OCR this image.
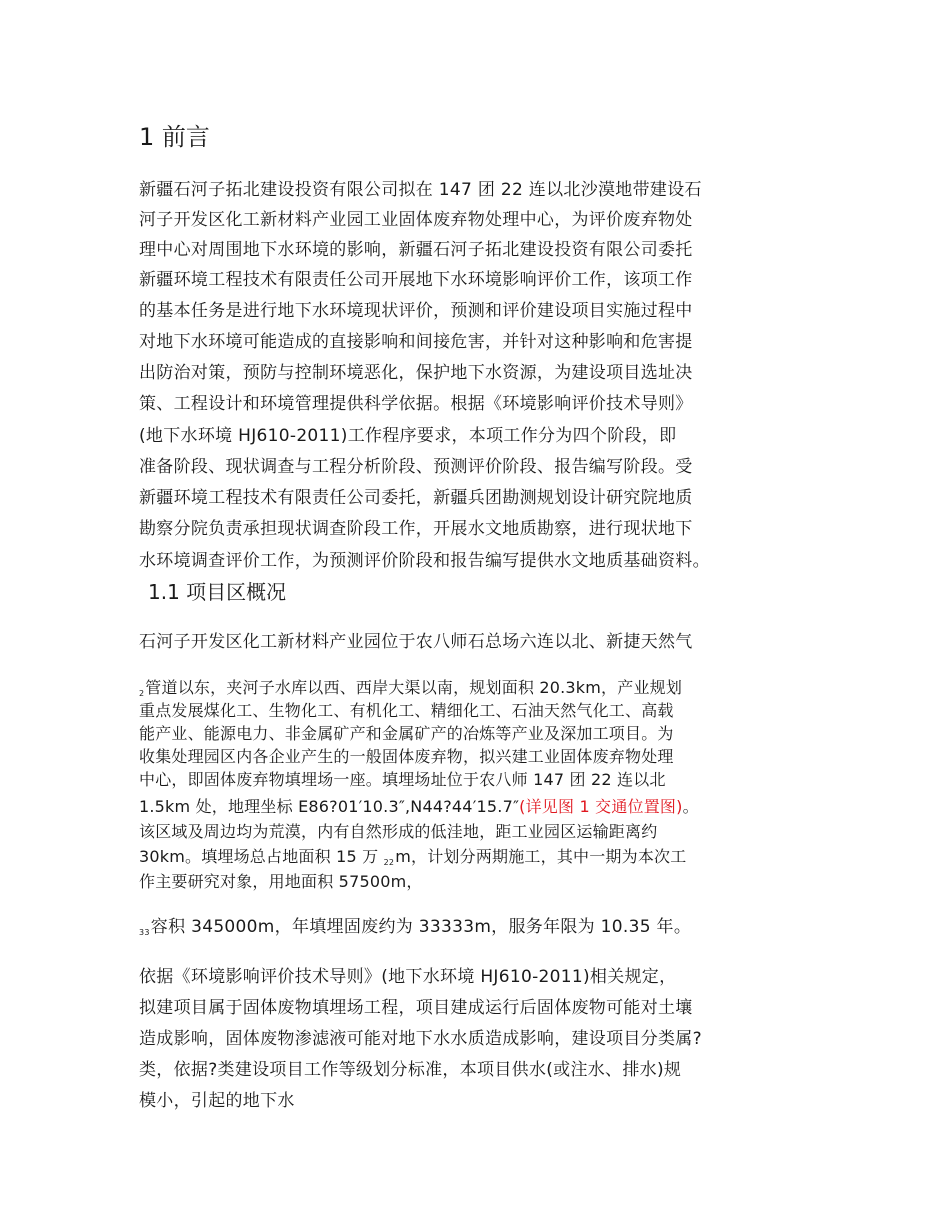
1 前言
新疆石河子拓北建设投资有限公司拟在 147 团 22 连以北沙漠地带建设石
河子开发区化工新材料产业园工业固体废弃物处理中心，为评价废弃物处
理中心对周围地下水环境的影响，新疆石河子拓北建设投资有限公司委托
新疆环境工程技术有限责任公司开展地下水环境影响评价工作，该项工作
的基本任务是进行地下水环境现状评价，预测和评价建设项目实施过程中
对地下水环境可能造成的直接影响和间接危害，并针对这种影响和危害提
出防治对策，预防与控制环境恶化，保护地下水资源，为建设项目选址决
策、工程设计和环境管理提供科学依据。根据《环境影响评价技术导则》
(地下水环境 HJ610-2011)工作程序要求，本项工作分为四个阶段，即
准备阶段、现状调查与工程分析阶段、预测评价阶段、报告编写阶段。受
新疆环境工程技术有限责任公司委托，新疆兵团勘测规划设计研究院地质
勘察分院负责承担现状调查阶段工作，开展水文地质勘察，进行现状地下
水环境调查评价工作，为预测评价阶段和报告编写提供水文地质基础资料。
1.1 项目区概况
石河子开发区化工新材料产业园位于农八师石总场六连以北、新捷天然气
2管道以东，夹河子水库以西、西岸大渠以南，规划面积 20.3km，产业规划
重点发展煤化工、生物化工、有机化工、精细化工、石油天然气化工、高载
能产业、能源电力、非金属矿产和金属矿产的冶炼等产业及深加工项目。为
收集处理园区内各企业产生的一般固体废弃物，拟兴建工业固体废弃物处理
中心，即固体废弃物填埋场一座。填埋场址位于农八师 147 团 22 连以北
1.5km 处，地理坐标 E86?01′10.3″,N44?44′15.7″(详见图 1 交通位置图)。
该区域及周边均为荒漠，内有自然形成的低洼地，距工业园区运输距离约
30km。填埋场总占地面积 15 万 22m，计划分两期施工，其中一期为本次工
作主要研究对象，用地面积 57500m，
33容积 345000m，年填埋固废约为 33333m，服务年限为 10.35 年。
依据《环境影响评价技术导则》(地下水环境 HJ610-2011)相关规定，
拟建项目属于固体废物填埋场工程，项目建成运行后固体废物可能对土壤
造成影响，固体废物渗滤液可能对地下水水质造成影响，建设项目分类属?
类，依据?类建设项目工作等级划分标准，本项目供水(或注水、排水)规
模小，引起的地下水
